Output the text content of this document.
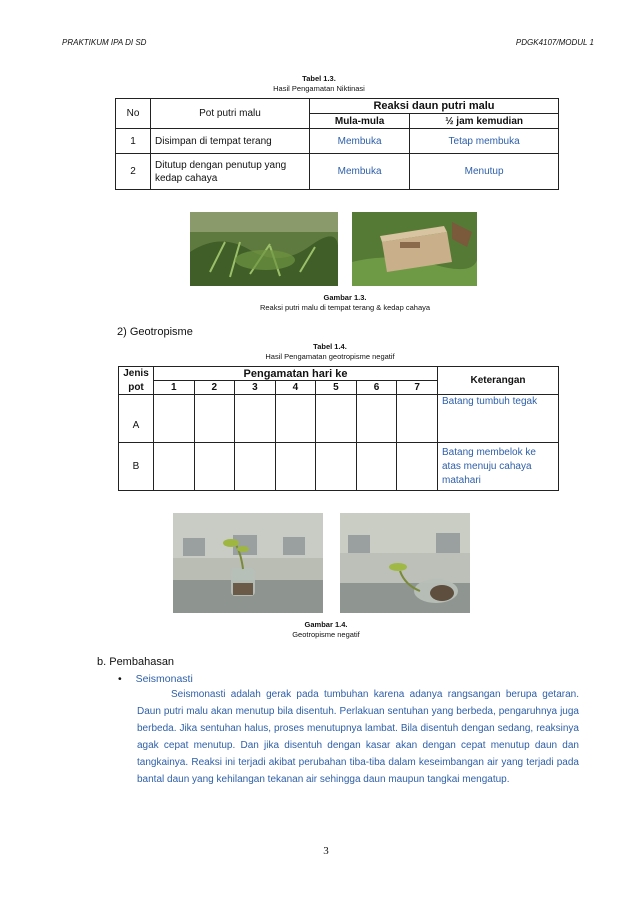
PRAKTIKUM IPA DI SD	PDGK4107/MODUL 1
Tabel 1.3.
Hasil Pengamatan Niktinasi
No	Pot putri malu	Reaksi daun putri malu	
		Mula-mula	½ jam kemudian
1	Disimpan di tempat terang	Membuka	Tetap membuka
2	Ditutup dengan penutup yang kedap cahaya	Membuka	Menutup
Gambar 1.3.
Reaksi putri malu di tempat terang & kedap cahaya
2) Geotropisme
Tabel 1.4.
Hasil Pengamatan geotropisme negatif
Jenis	Pengamatan hari ke							Keterangan
pot	1	2	3	4	5	6	7	
A								Batang tumbuh tegak
B								Batang membelok ke atas menuju cahaya matahari
Gambar 1.4.
Geotropisme negatif
b. Pembahasan
• Seismonasti
Seismonasti adalah gerak pada tumbuhan karena adanya rangsangan berupa getaran. Daun putri malu akan menutup bila disentuh. Perlakuan sentuhan yang berbeda, pengaruhnya juga berbeda. Jika sentuhan halus, proses menutupnya lambat. Bila disentuh dengan sedang, reaksinya agak cepat menutup. Dan jika disentuh dengan kasar akan dengan cepat menutup daun dan tangkainya. Reaksi ini terjadi akibat perubahan tiba-tiba dalam keseimbangan air yang terjadi pada bantal daun yang kehilangan tekanan air sehingga daun maupun tangkai mengatup.
3
